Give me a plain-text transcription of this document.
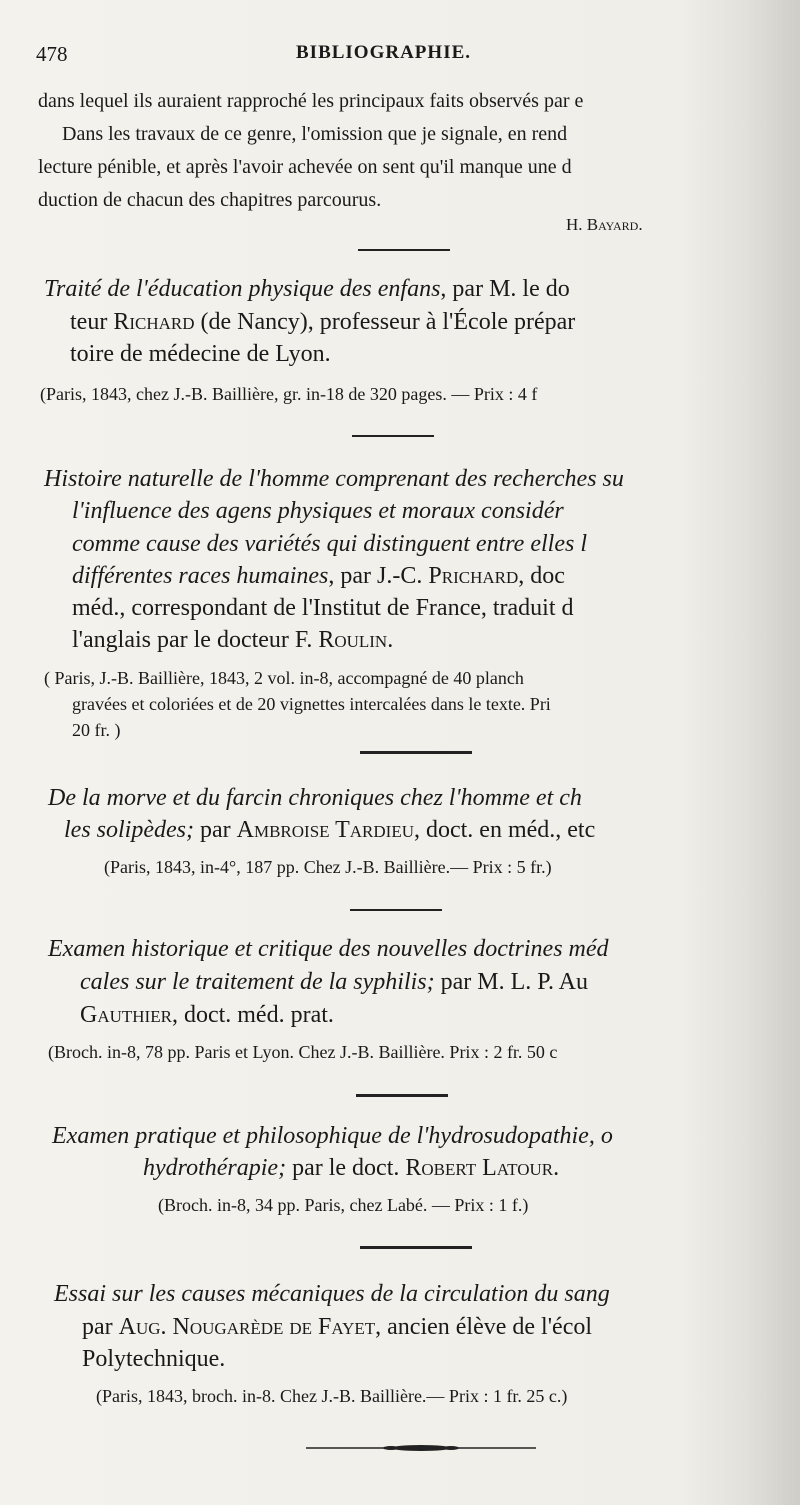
478	BIBLIOGRAPHIE.
dans lequel ils auraient rapproché les principaux faits observés par e
Dans les travaux de ce genre, l'omission que je signale, en rend
lecture pénible, et après l'avoir achevée on sent qu'il manque une d
duction de chacun des chapitres parcourus.
H. Bayard.
Traité de l'éducation physique des enfans, par M. le do
teur Richard (de Nancy), professeur à l'École prépar
toire de médecine de Lyon.
(Paris, 1843, chez J.-B. Baillière, gr. in-18 de 320 pages. — Prix : 4 f
Histoire naturelle de l'homme comprenant des recherches su
l'influence des agens physiques et moraux considér
comme cause des variétés qui distinguent entre elles l
différentes races humaines, par J.-C. Prichard, doc
méd., correspondant de l'Institut de France, traduit d
l'anglais par le docteur F. Roulin.
( Paris, J.-B. Baillière, 1843, 2 vol. in-8, accompagné de 40 planch
gravées et coloriées et de 20 vignettes intercalées dans le texte. Pri
20 fr. )
De la morve et du farcin chroniques chez l'homme et ch
les solipèdes; par Ambroise Tardieu, doct. en méd., etc
(Paris, 1843, in-4°, 187 pp. Chez J.-B. Baillière.— Prix : 5 fr.)
Examen historique et critique des nouvelles doctrines méd
cales sur le traitement de la syphilis; par M. L. P. Au
Gauthier, doct. méd. prat.
(Broch. in-8, 78 pp. Paris et Lyon. Chez J.-B. Baillière. Prix : 2 fr. 50 c
Examen pratique et philosophique de l'hydrosudopathie, o
hydrothérapie; par le doct. Robert Latour.
(Broch. in-8, 34 pp. Paris, chez Labé. — Prix : 1 f.)
Essai sur les causes mécaniques de la circulation du sang
par Aug. Nougarède de Fayet, ancien élève de l'écol
Polytechnique.
(Paris, 1843, broch. in-8. Chez J.-B. Baillière.— Prix : 1 fr. 25 c.)
